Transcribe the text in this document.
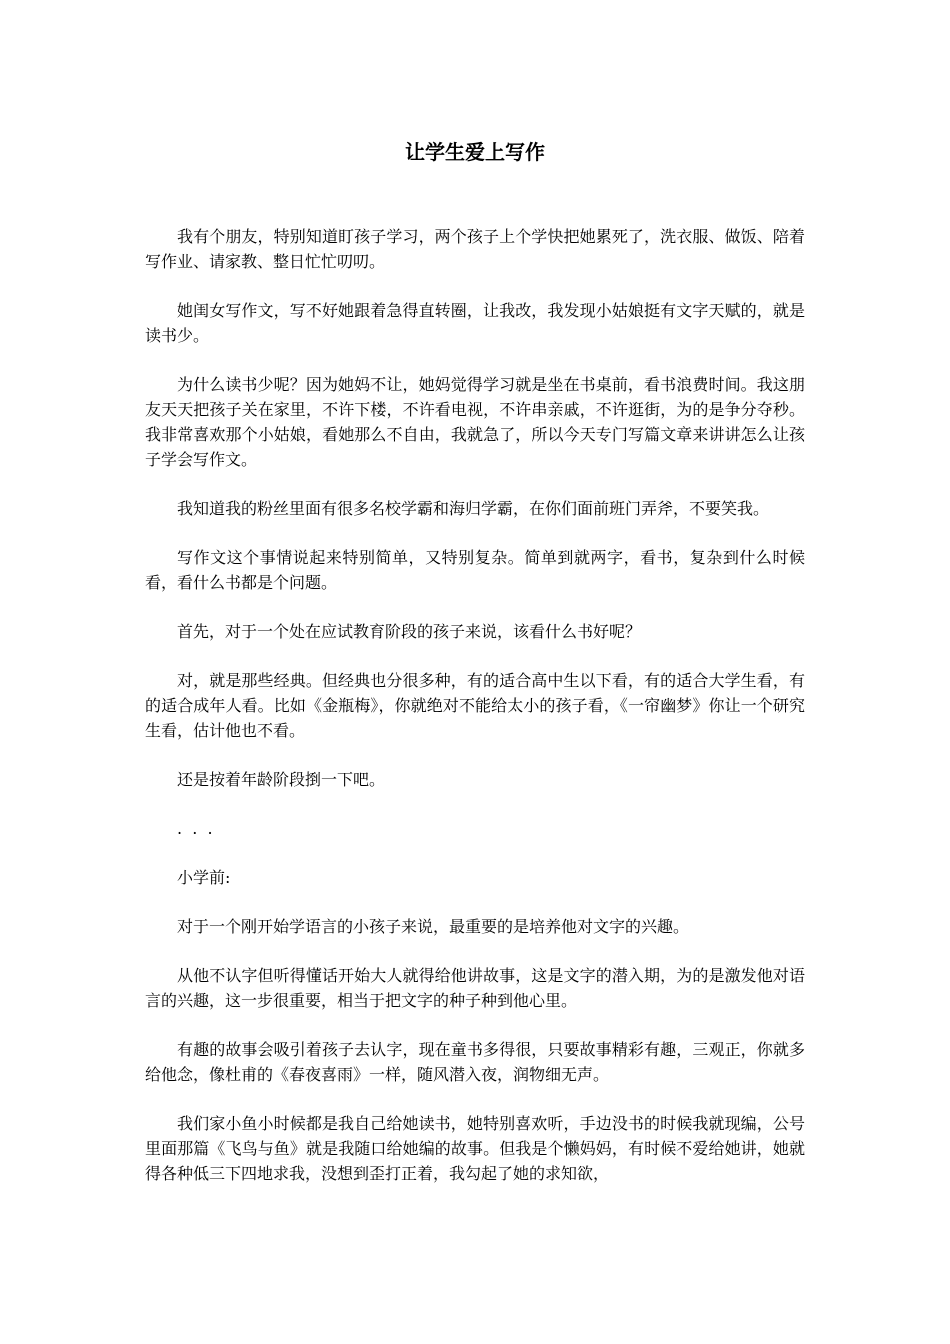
让学生爱上写作

我有个朋友，特别知道盯孩子学习，两个孩子上个学快把她累死了，洗衣服、做饭、陪着写作业、请家教、整日忙忙叨叨。

她闺女写作文，写不好她跟着急得直转圈，让我改，我发现小姑娘挺有文字天赋的，就是读书少。

为什么读书少呢？因为她妈不让，她妈觉得学习就是坐在书桌前，看书浪费时间。我这朋友天天把孩子关在家里，不许下楼，不许看电视，不许串亲戚，不许逛街，为的是争分夺秒。我非常喜欢那个小姑娘，看她那么不自由，我就急了，所以今天专门写篇文章来讲讲怎么让孩子学会写作文。

我知道我的粉丝里面有很多名校学霸和海归学霸，在你们面前班门弄斧，不要笑我。

写作文这个事情说起来特别简单，又特别复杂。简单到就两字，看书，复杂到什么时候看，看什么书都是个问题。

首先，对于一个处在应试教育阶段的孩子来说，该看什么书好呢？

对，就是那些经典。但经典也分很多种，有的适合高中生以下看，有的适合大学生看，有的适合成年人看。比如《金瓶梅》，你就绝对不能给太小的孩子看，《一帘幽梦》你让一个研究生看，估计他也不看。

还是按着年龄阶段捯一下吧。

.  .  .

小学前:

对于一个刚开始学语言的小孩子来说，最重要的是培养他对文字的兴趣。

从他不认字但听得懂话开始大人就得给他讲故事，这是文字的潜入期，为的是激发他对语言的兴趣，这一步很重要，相当于把文字的种子种到他心里。

有趣的故事会吸引着孩子去认字，现在童书多得很，只要故事精彩有趣，三观正，你就多给他念，像杜甫的《春夜喜雨》一样，随风潜入夜，润物细无声。

我们家小鱼小时候都是我自己给她读书，她特别喜欢听，手边没书的时候我就现编，公号里面那篇《飞鸟与鱼》就是我随口给她编的故事。但我是个懒妈妈，有时候不爱给她讲，她就得各种低三下四地求我，没想到歪打正着，我勾起了她的求知欲，
